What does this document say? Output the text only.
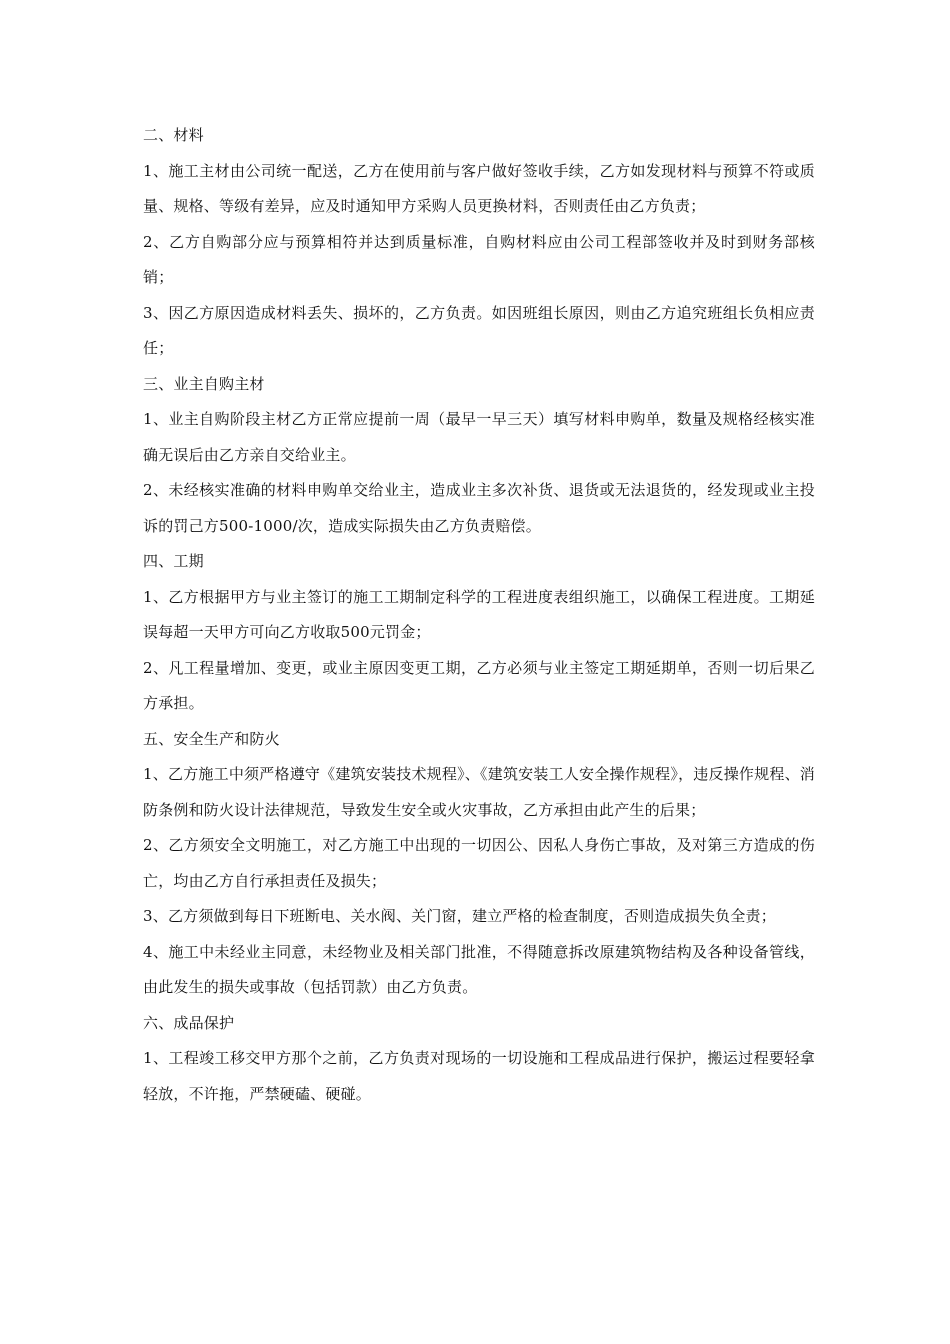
二、材料

1、施工主材由公司统一配送，乙方在使用前与客户做好签收手续，乙方如发现材料与预算不符或质量、规格、等级有差异，应及时通知甲方采购人员更换材料，否则责任由乙方负责；

2、乙方自购部分应与预算相符并达到质量标准，自购材料应由公司工程部签收并及时到财务部核销；

3、因乙方原因造成材料丢失、损坏的，乙方负责。如因班组长原因，则由乙方追究班组长负相应责任；

三、业主自购主材

1、业主自购阶段主材乙方正常应提前一周（最早一早三天）填写材料申购单，数量及规格经核实准确无误后由乙方亲自交给业主。

2、未经核实准确的材料申购单交给业主，造成业主多次补货、退货或无法退货的，经发现或业主投诉的罚己方500-1000/次，造成实际损失由乙方负责赔偿。

四、工期

1、乙方根据甲方与业主签订的施工工期制定科学的工程进度表组织施工，以确保工程进度。工期延误每超一天甲方可向乙方收取500元罚金；

2、凡工程量增加、变更，或业主原因变更工期，乙方必须与业主签定工期延期单，否则一切后果乙方承担。

五、安全生产和防火

1、乙方施工中须严格遵守《建筑安装技术规程》、《建筑安装工人安全操作规程》，违反操作规程、消防条例和防火设计法律规范，导致发生安全或火灾事故，乙方承担由此产生的后果；

2、乙方须安全文明施工，对乙方施工中出现的一切因公、因私人身伤亡事故，及对第三方造成的伤亡，均由乙方自行承担责任及损失；

3、乙方须做到每日下班断电、关水阀、关门窗，建立严格的检查制度，否则造成损失负全责；

4、施工中未经业主同意，未经物业及相关部门批准，不得随意拆改原建筑物结构及各种设备管线，由此发生的损失或事故（包括罚款）由乙方负责。

六、成品保护

1、工程竣工移交甲方那个之前，乙方负责对现场的一切设施和工程成品进行保护，搬运过程要轻拿轻放，不许拖，严禁硬磕、硬碰。
